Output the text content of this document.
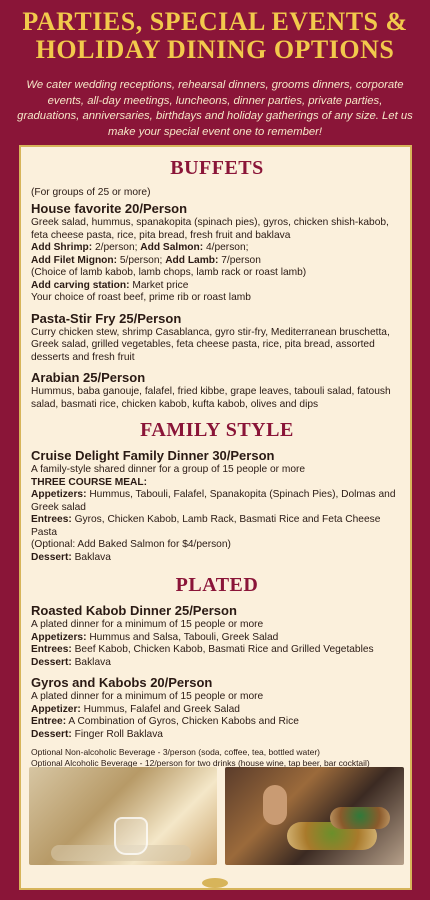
PARTIES, SPECIAL EVENTS &
HOLIDAY DINING OPTIONS
We cater wedding receptions, rehearsal dinners, grooms dinners, corporate events, all-day meetings, luncheons, dinner parties, private parties, graduations, anniversaries, birthdays and holiday gatherings of any size. Let us make your special event one to remember!
BUFFETS
(For groups of 25 or more)
House favorite 20/Person
Greek salad, hummus, spanakopita (spinach pies), gyros, chicken shish-kabob, feta cheese pasta, rice, pita bread, fresh fruit and baklava
Add Shrimp: 2/person; Add Salmon: 4/person;
Add Filet Mignon: 5/person; Add Lamb: 7/person
(Choice of lamb kabob, lamb chops, lamb rack or roast lamb)
Add carving station: Market price
Your choice of roast beef, prime rib or roast lamb
Pasta-Stir Fry 25/Person
Curry chicken stew, shrimp Casablanca, gyro stir-fry, Mediterranean bruschetta, Greek salad, grilled vegetables, feta cheese pasta, rice, pita bread, assorted desserts and fresh fruit
Arabian 25/Person
Hummus, baba ganouje, falafel, fried kibbe, grape leaves, tabouli salad, fatoush salad, basmati rice, chicken kabob, kufta kabob, olives and dips
FAMILY STYLE
Cruise Delight Family Dinner 30/Person
A family-style shared dinner for a group of 15 people or more
THREE COURSE MEAL:
Appetizers: Hummus, Tabouli, Falafel, Spanakopita (Spinach Pies), Dolmas and Greek salad
Entrees: Gyros, Chicken Kabob, Lamb Rack, Basmati Rice and Feta Cheese Pasta
(Optional: Add Baked Salmon for $4/person)
Dessert: Baklava
PLATED
Roasted Kabob Dinner 25/Person
A plated dinner for a minimum of 15 people or more
Appetizers: Hummus and Salsa, Tabouli, Greek Salad
Entrees: Beef Kabob, Chicken Kabob, Basmati Rice and Grilled Vegetables
Dessert: Baklava
Gyros and Kabobs 20/Person
A plated dinner for a minimum of 15 people or more
Appetizer: Hummus, Falafel and Greek Salad
Entree: A Combination of Gyros, Chicken Kabobs and Rice
Dessert: Finger Roll Baklava
Optional Non-alcoholic Beverage - 3/person (soda, coffee, tea, bottled water)
Optional Alcoholic Beverage - 12/person for two drinks (house wine, tap beer, bar cocktail)
